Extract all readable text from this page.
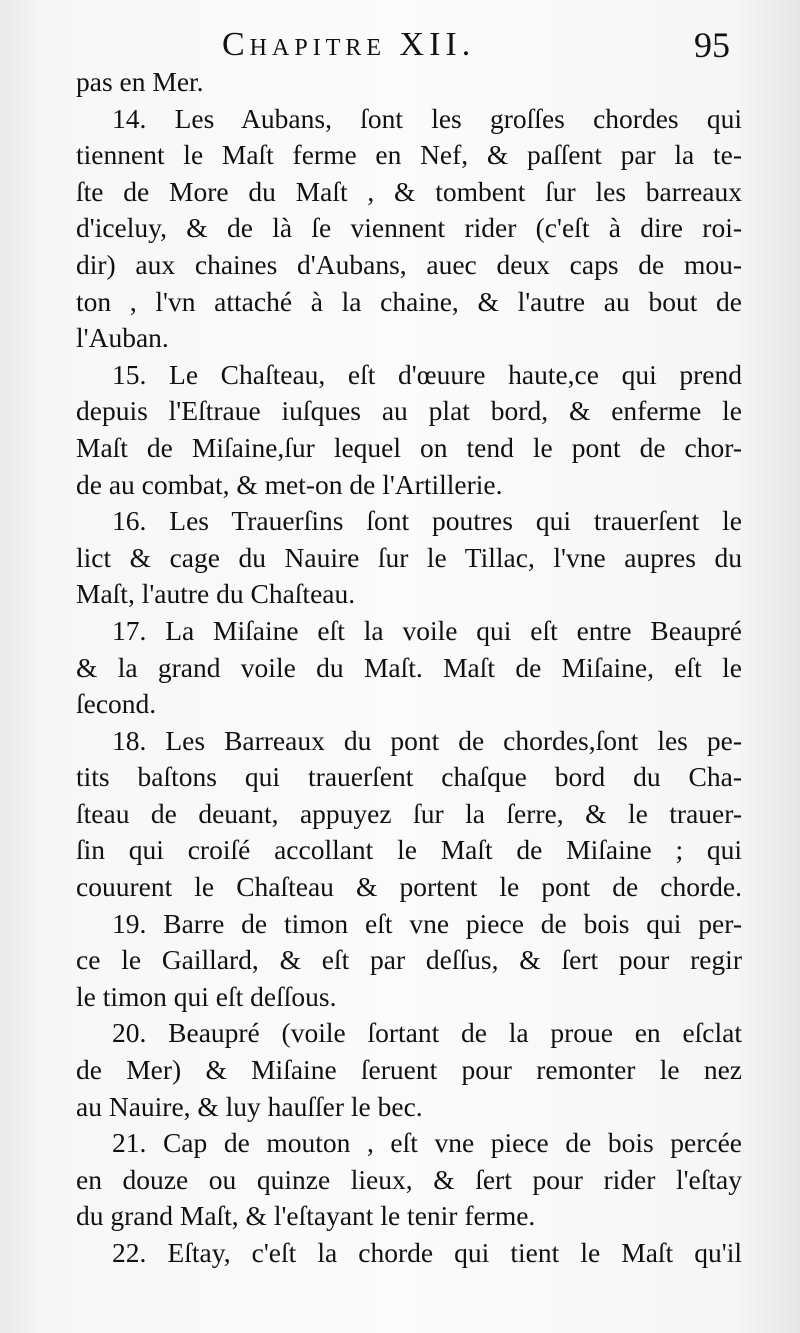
Chapitre XII.	95
pas en Mer.
14. Les Aubans, ſont les groſſes chordes qui
tiennent le Maſt ferme en Nef, & paſſent par la te-
ſte de More du Maſt , & tombent ſur les barreaux
d'iceluy, & de là ſe viennent rider (c'eſt à dire roi-
dir) aux chaines d'Aubans, auec deux caps de mou-
ton , l'vn attaché à la chaine, & l'autre au bout de
l'Auban.
15. Le Chaſteau, eſt d'œuure haute,ce qui prend
depuis l'Eſtraue iuſques au plat bord, & enferme le
Maſt de Miſaine,ſur lequel on tend le pont de chor-
de au combat, & met-on de l'Artillerie.
16. Les Trauerſins ſont poutres qui trauerſent le
lict & cage du Nauire ſur le Tillac, l'vne aupres du
Maſt, l'autre du Chaſteau.
17. La Miſaine eſt la voile qui eſt entre Beaupré
& la grand voile du Maſt. Maſt de Miſaine, eſt le
ſecond.
18. Les Barreaux du pont de chordes,ſont les pe-
tits baſtons qui trauerſent chaſque bord du Cha-
ſteau de deuant, appuyez ſur la ſerre, & le trauer-
ſin qui croiſé accollant le Maſt de Miſaine ; qui
couurent le Chaſteau & portent le pont de chorde.
19. Barre de timon eſt vne piece de bois qui per-
ce le Gaillard, & eſt par deſſus, & ſert pour regir
le timon qui eſt deſſous.
20. Beaupré (voile ſortant de la proue en eſclat
de Mer) & Miſaine ſeruent pour remonter le nez
au Nauire, & luy hauſſer le bec.
21. Cap de mouton , eſt vne piece de bois percée
en douze ou quinze lieux, & ſert pour rider l'eſtay
du grand Maſt, & l'eſtayant le tenir ferme.
22. Eſtay, c'eſt la chorde qui tient le Maſt qu'il
